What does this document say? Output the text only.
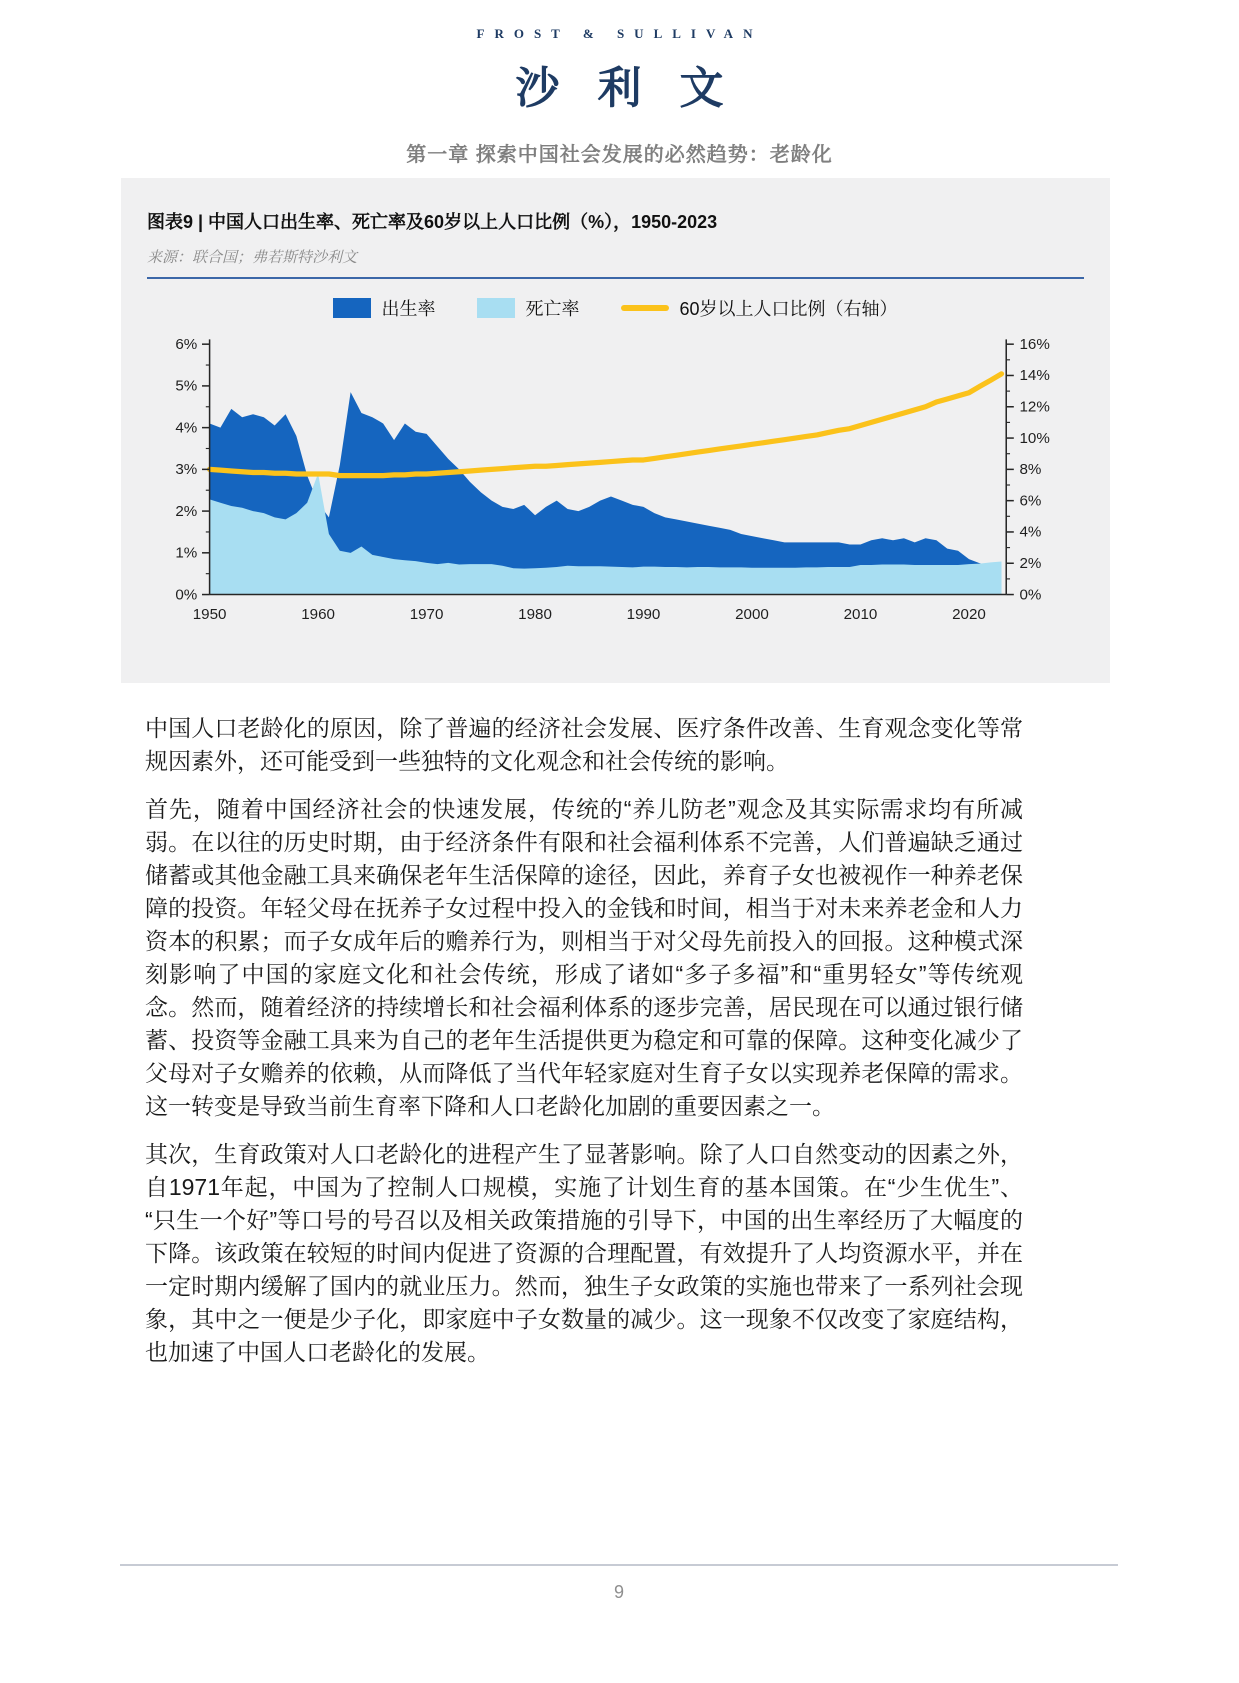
FROST & SULLIVAN
沙利文
第一章 探索中国社会发展的必然趋势：老龄化
图表9 | 中国人口出生率、死亡率及60岁以上人口比例（%），1950-2023
来源：联合国；弗若斯特沙利文
出生率	死亡率	60岁以上人口比例（右轴）
0%
1%
2%
3%
4%
5%
6%
0%
2%
4%
6%
8%
10%
12%
14%
16%
1950	1960	1970	1980	1990	2000	2010	2020

中国人口老龄化的原因，除了普遍的经济社会发展、医疗条件改善、生育观念变化等常规因素外，还可能受到一些独特的文化观念和社会传统的影响。

首先，随着中国经济社会的快速发展，传统的“养儿防老”观念及其实际需求均有所减弱。在以往的历史时期，由于经济条件有限和社会福利体系不完善，人们普遍缺乏通过储蓄或其他金融工具来确保老年生活保障的途径，因此，养育子女也被视作一种养老保障的投资。年轻父母在抚养子女过程中投入的金钱和时间，相当于对未来养老金和人力资本的积累；而子女成年后的赡养行为，则相当于对父母先前投入的回报。这种模式深刻影响了中国的家庭文化和社会传统，形成了诸如“多子多福”和“重男轻女”等传统观念。然而，随着经济的持续增长和社会福利体系的逐步完善，居民现在可以通过银行储蓄、投资等金融工具来为自己的老年生活提供更为稳定和可靠的保障。这种变化减少了父母对子女赡养的依赖，从而降低了当代年轻家庭对生育子女以实现养老保障的需求。这一转变是导致当前生育率下降和人口老龄化加剧的重要因素之一。

其次，生育政策对人口老龄化的进程产生了显著影响。除了人口自然变动的因素之外，自1971年起，中国为了控制人口规模，实施了计划生育的基本国策。在“少生优生”、“只生一个好”等口号的号召以及相关政策措施的引导下，中国的出生率经历了大幅度的下降。该政策在较短的时间内促进了资源的合理配置，有效提升了人均资源水平，并在一定时期内缓解了国内的就业压力。然而，独生子女政策的实施也带来了一系列社会现象，其中之一便是少子化，即家庭中子女数量的减少。这一现象不仅改变了家庭结构，也加速了中国人口老龄化的发展。

9
